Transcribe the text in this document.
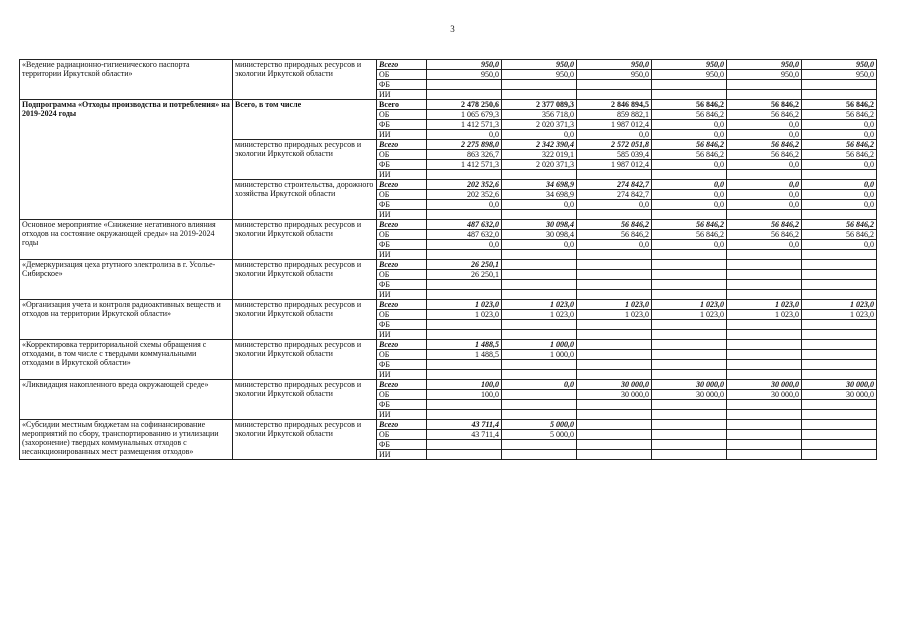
3
«Ведение радиационно-гигиенического паспорта территории Иркутской области»	министерство природных ресурсов и экологии Иркутской области	Всего	950,0	950,0	950,0	950,0	950,0	950,0
		ОБ	950,0	950,0	950,0	950,0	950,0	950,0
		ФБ						
		ИИ						
Подпрограмма «Отходы производства и потребления» на 2019-2024 годы	Всего, в том числе	Всего	2 478 250,6	2 377 089,3	2 846 894,5	56 846,2	56 846,2	56 846,2
		ОБ	1 065 679,3	356 718,0	859 882,1	56 846,2	56 846,2	56 846,2
		ФБ	1 412 571,3	2 020 371,3	1 987 012,4	0,0	0,0	0,0
		ИИ	0,0	0,0	0,0	0,0	0,0	0,0
	министерство природных ресурсов и экологии Иркутской области	Всего	2 275 898,0	2 342 390,4	2 572 051,8	56 846,2	56 846,2	56 846,2
		ОБ	863 326,7	322 019,1	585 039,4	56 846,2	56 846,2	56 846,2
		ФБ	1 412 571,3	2 020 371,3	1 987 012,4	0,0	0,0	0,0
		ИИ						
	министерство строительства, дорожного хозяйства Иркутской области	Всего	202 352,6	34 698,9	274 842,7	0,0	0,0	0,0
		ОБ	202 352,6	34 698,9	274 842,7	0,0	0,0	0,0
		ФБ	0,0	0,0	0,0	0,0	0,0	0,0
		ИИ						
Основное мероприятие «Снижение негативного влияния отходов на состояние окружающей среды» на 2019-2024 годы	министерство природных ресурсов и экологии Иркутской области	Всего	487 632,0	30 098,4	56 846,2	56 846,2	56 846,2	56 846,2
		ОБ	487 632,0	30 098,4	56 846,2	56 846,2	56 846,2	56 846,2
		ФБ	0,0	0,0	0,0	0,0	0,0	0,0
		ИИ						
«Демеркуризация цеха ртутного электролиза в г. Усолье-Сибирское»	министерство природных ресурсов и экологии Иркутской области	Всего	26 250,1					
		ОБ	26 250,1					
		ФБ						
		ИИ						
«Организация учета и контроля радиоактивных веществ и отходов на территории Иркутской области»	министерство природных ресурсов и экологии Иркутской области	Всего	1 023,0	1 023,0	1 023,0	1 023,0	1 023,0	1 023,0
		ОБ	1 023,0	1 023,0	1 023,0	1 023,0	1 023,0	1 023,0
		ФБ						
		ИИ						
«Корректировка территориальной схемы обращения с отходами, в том числе с твердыми коммунальными отходами в Иркутской области»	министерство природных ресурсов и экологии Иркутской области	Всего	1 488,5	1 000,0				
		ОБ	1 488,5	1 000,0				
		ФБ						
		ИИ						
«Ликвидация накопленного вреда окружающей среде»	министерство природных ресурсов и экологии Иркутской области	Всего	100,0	0,0	30 000,0	30 000,0	30 000,0	30 000,0
		ОБ	100,0		30 000,0	30 000,0	30 000,0	30 000,0
		ФБ						
		ИИ						
«Субсидии местным бюджетам на софинансирование мероприятий по сбору, транспортированию и утилизации (захоронение) твердых коммунальных отходов с несанкционированных мест размещения отходов»	министерство природных ресурсов и экологии Иркутской области	Всего	43 711,4	5 000,0				
		ОБ	43 711,4	5 000,0				
		ФБ						
		ИИ						
